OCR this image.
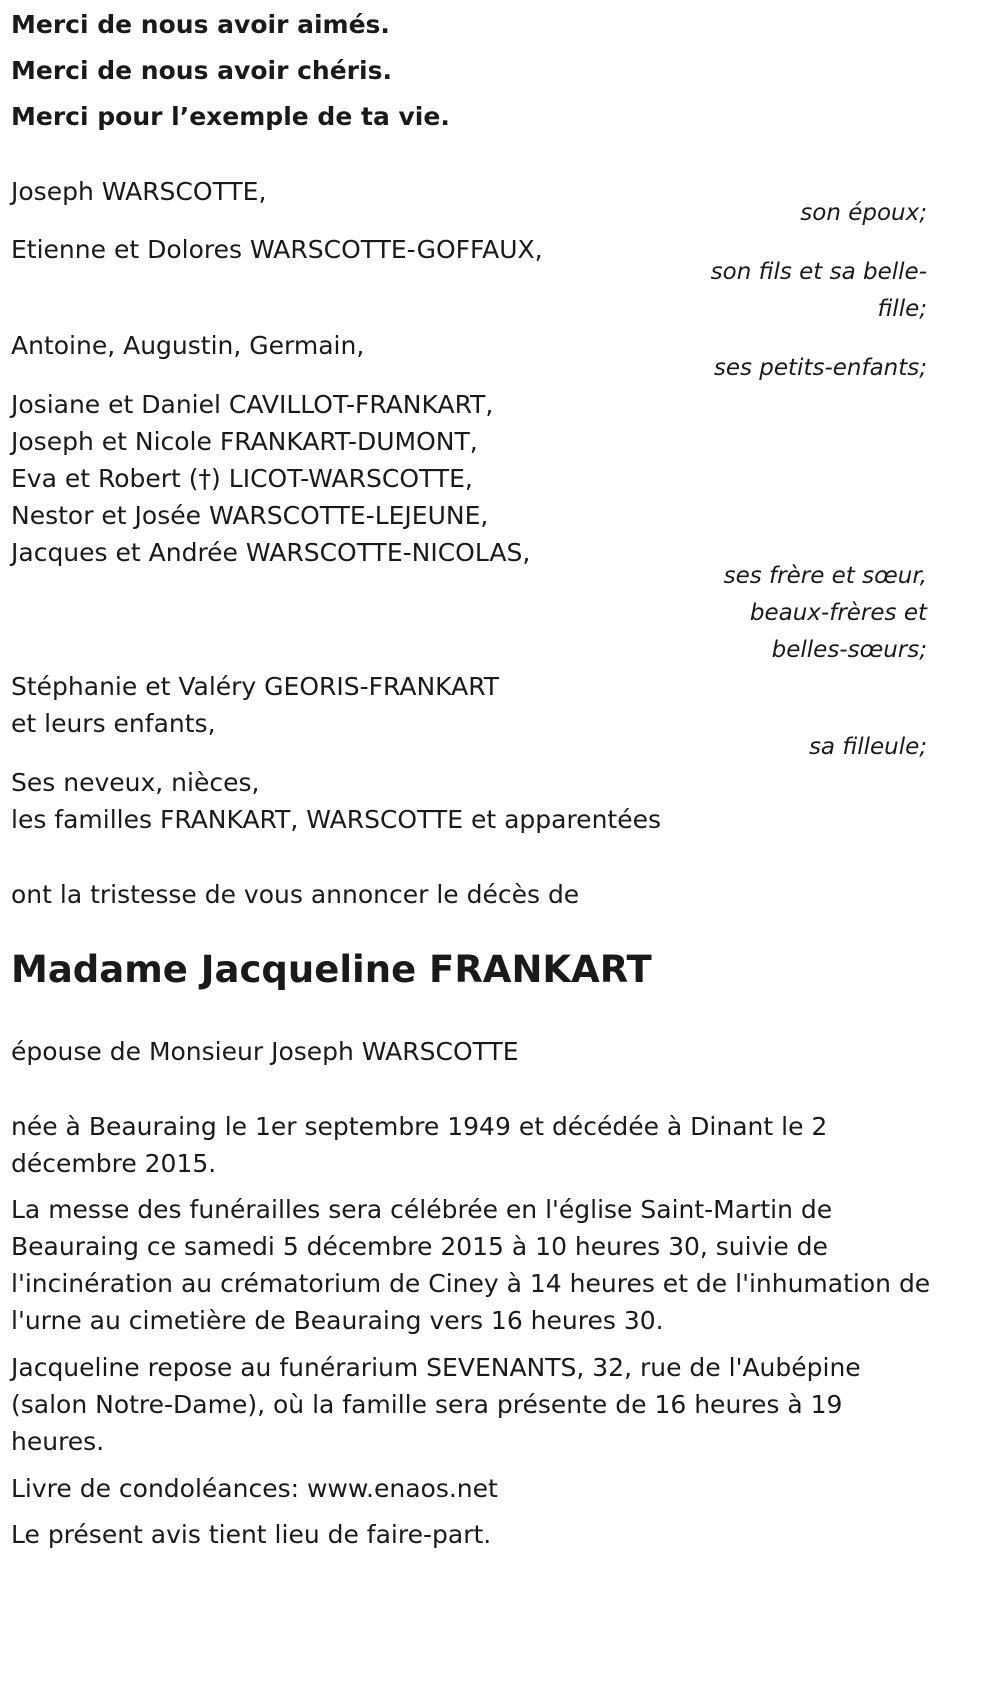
Merci de nous avoir aimés.
Merci de nous avoir chéris.
Merci pour l’exemple de ta vie.
Joseph WARSCOTTE,
son époux;
Etienne et Dolores WARSCOTTE-GOFFAUX,
son fils et sa belle-
fille;
Antoine, Augustin, Germain,
ses petits-enfants;
Josiane et Daniel CAVILLOT-FRANKART,
Joseph et Nicole FRANKART-DUMONT,
Eva et Robert (†) LICOT-WARSCOTTE,
Nestor et Josée WARSCOTTE-LEJEUNE,
Jacques et Andrée WARSCOTTE-NICOLAS,
ses frère et sœur,
beaux-frères et
belles-sœurs;
Stéphanie et Valéry GEORIS-FRANKART
et leurs enfants,
sa filleule;
Ses neveux, nièces,
les familles FRANKART, WARSCOTTE et apparentées
ont la tristesse de vous annoncer le décès de
Madame Jacqueline FRANKART
épouse de Monsieur Joseph WARSCOTTE
née à Beauraing le 1er septembre 1949 et décédée à Dinant le 2
décembre 2015.
La messe des funérailles sera célébrée en l'église Saint-Martin de
Beauraing ce samedi 5 décembre 2015 à 10 heures 30, suivie de
l'incinération au crématorium de Ciney à 14 heures et de l'inhumation de
l'urne au cimetière de Beauraing vers 16 heures 30.
Jacqueline repose au funérarium SEVENANTS, 32, rue de l'Aubépine
(salon Notre-Dame), où la famille sera présente de 16 heures à 19
heures.
Livre de condoléances: www.enaos.net
Le présent avis tient lieu de faire-part.
